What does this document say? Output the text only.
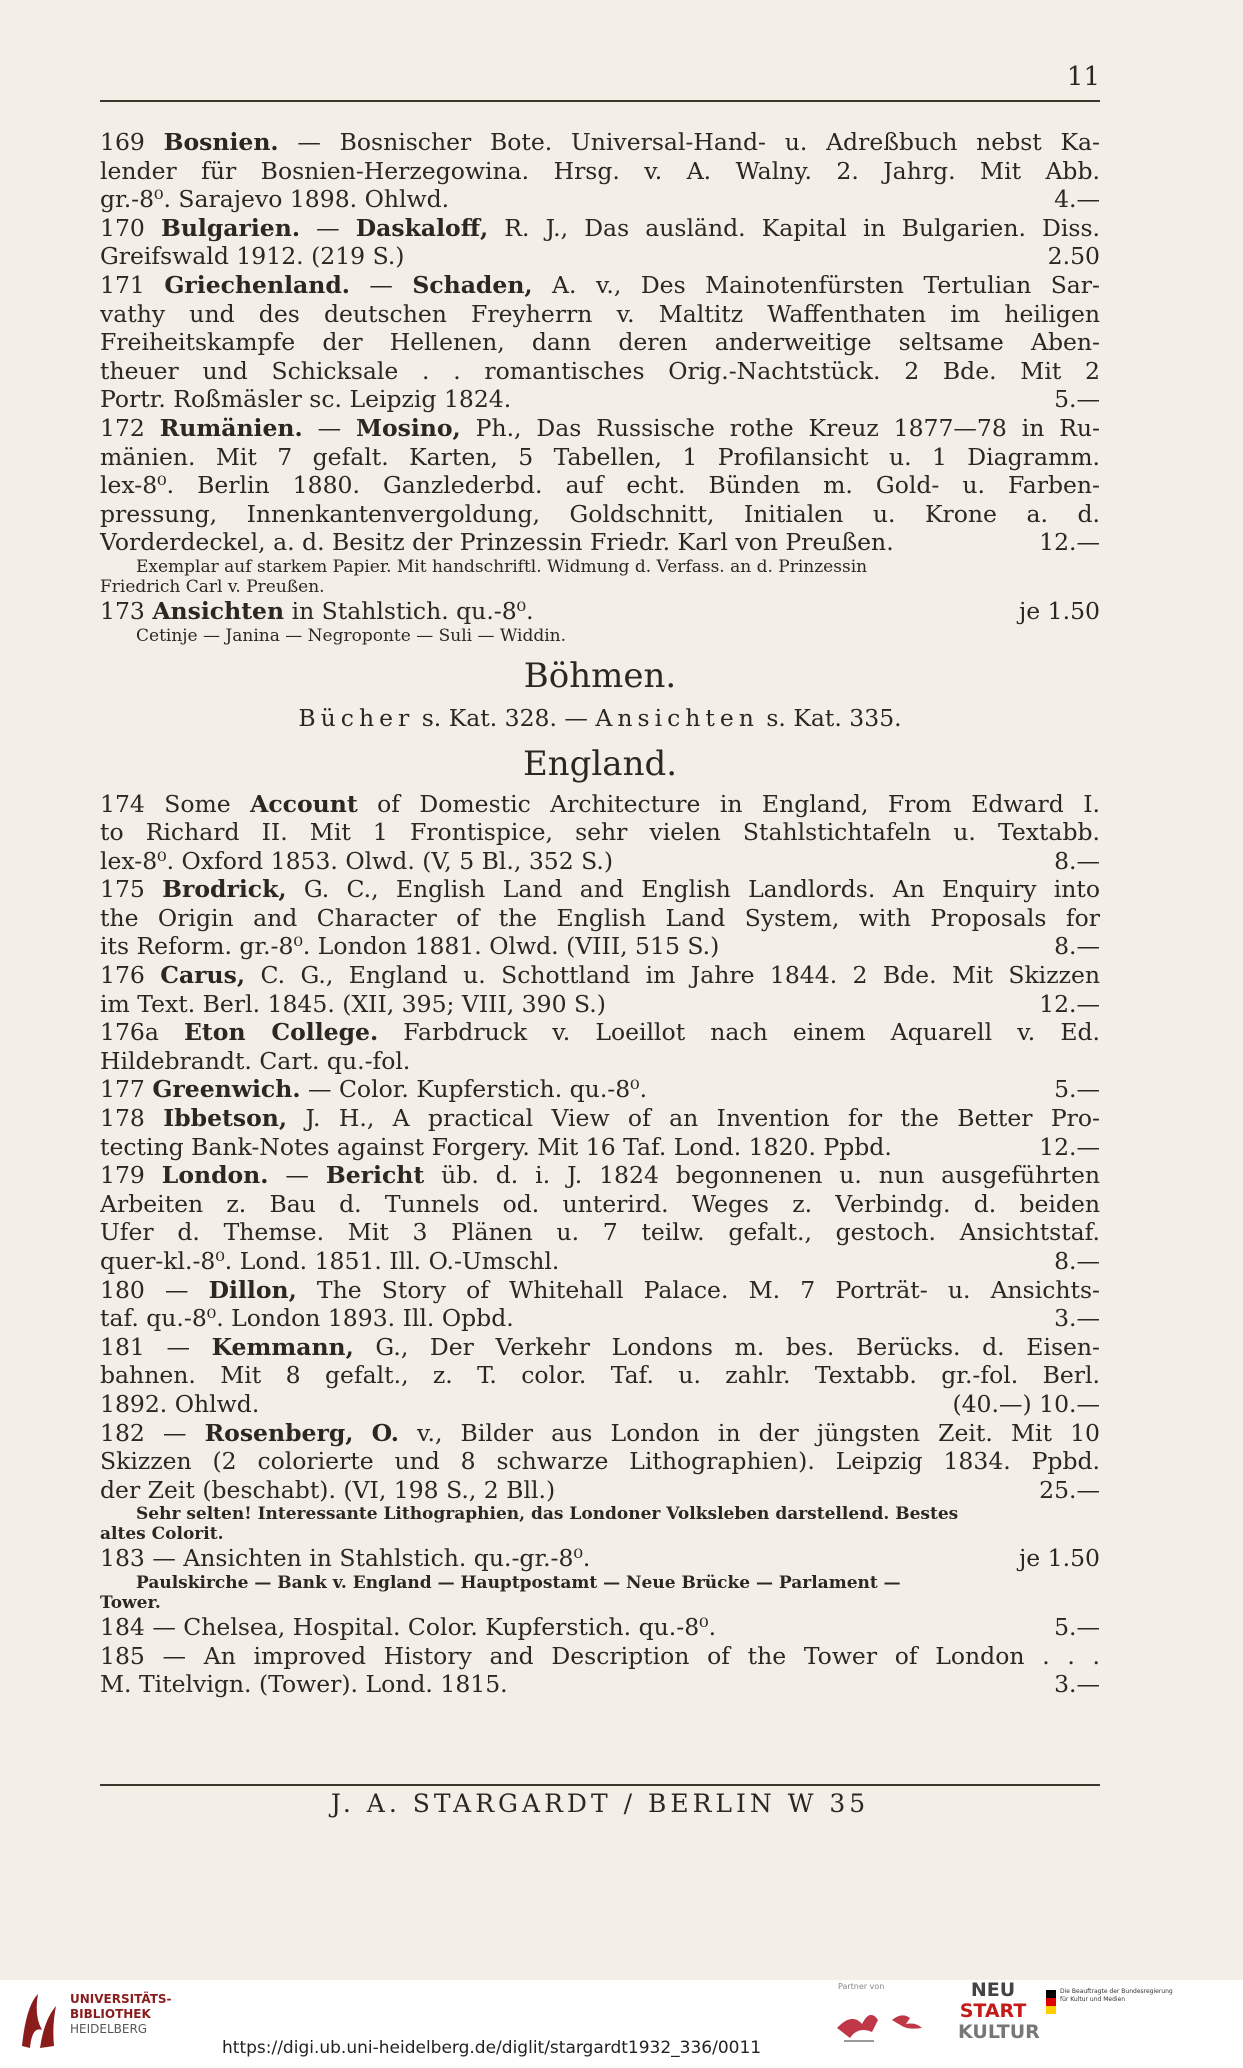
11
169 Bosnien. — Bosnischer Bote. Universal-Hand- u. Adreßbuch nebst Ka-
lender für Bosnien-Herzegowina. Hrsg. v. A. Walny. 2. Jahrg. Mit Abb.
gr.-8⁰. Sarajevo 1898. Ohlwd.	4.—
170 Bulgarien. — Daskaloff, R. J., Das ausländ. Kapital in Bulgarien. Diss.
Greifswald 1912. (219 S.)	2.50
171 Griechenland. — Schaden, A. v., Des Mainotenfürsten Tertulian Sar-
vathy und des deutschen Freyherrn v. Maltitz Waffenthaten im heiligen
Freiheitskampfe der Hellenen, dann deren anderweitige seltsame Aben-
theuer und Schicksale . . romantisches Orig.-Nachtstück. 2 Bde. Mit 2
Portr. Roßmäsler sc. Leipzig 1824.	5.—
172 Rumänien. — Mosino, Ph., Das Russische rothe Kreuz 1877—78 in Ru-
mänien. Mit 7 gefalt. Karten, 5 Tabellen, 1 Profilansicht u. 1 Diagramm.
lex-8⁰. Berlin 1880. Ganzlederbd. auf echt. Bünden m. Gold- u. Farben-
pressung, Innenkantenvergoldung, Goldschnitt, Initialen u. Krone a. d.
Vorderdeckel, a. d. Besitz der Prinzessin Friedr. Karl von Preußen.	12.—
Exemplar auf starkem Papier. Mit handschriftl. Widmung d. Verfass. an d. Prinzessin
Friedrich Carl v. Preußen.
173 Ansichten in Stahlstich. qu.-8⁰.	je 1.50
Cetinje — Janina — Negroponte — Suli — Widdin.
Böhmen.
Bücher s. Kat. 328. — Ansichten s. Kat. 335.
England.
174 Some Account of Domestic Architecture in England, From Edward I.
to Richard II. Mit 1 Frontispice, sehr vielen Stahlstichtafeln u. Textabb.
lex-8⁰. Oxford 1853. Olwd. (V, 5 Bl., 352 S.)	8.—
175 Brodrick, G. C., English Land and English Landlords. An Enquiry into
the Origin and Character of the English Land System, with Proposals for
its Reform. gr.-8⁰. London 1881. Olwd. (VIII, 515 S.)	8.—
176 Carus, C. G., England u. Schottland im Jahre 1844. 2 Bde. Mit Skizzen
im Text. Berl. 1845. (XII, 395; VIII, 390 S.)	12.—
176a Eton College. Farbdruck v. Loeillot nach einem Aquarell v. Ed.
Hildebrandt. Cart. qu.-fol.
177 Greenwich. — Color. Kupferstich. qu.-8⁰.	5.—
178 Ibbetson, J. H., A practical View of an Invention for the Better Pro-
tecting Bank-Notes against Forgery. Mit 16 Taf. Lond. 1820. Ppbd.	12.—
179 London. — Bericht üb. d. i. J. 1824 begonnenen u. nun ausgeführten
Arbeiten z. Bau d. Tunnels od. unterird. Weges z. Verbindg. d. beiden
Ufer d. Themse. Mit 3 Plänen u. 7 teilw. gefalt., gestoch. Ansichtstaf.
quer-kl.-8⁰. Lond. 1851. Ill. O.-Umschl.	8.—
180 — Dillon, The Story of Whitehall Palace. M. 7 Porträt- u. Ansichts-
taf. qu.-8⁰. London 1893. Ill. Opbd.	3.—
181 — Kemmann, G., Der Verkehr Londons m. bes. Berücks. d. Eisen-
bahnen. Mit 8 gefalt., z. T. color. Taf. u. zahlr. Textabb. gr.-fol. Berl.
1892. Ohlwd.	(40.—) 10.—
182 — Rosenberg, O. v., Bilder aus London in der jüngsten Zeit. Mit 10
Skizzen (2 colorierte und 8 schwarze Lithographien). Leipzig 1834. Ppbd.
der Zeit (beschabt). (VI, 198 S., 2 Bll.)	25.—
Sehr selten! Interessante Lithographien, das Londoner Volksleben darstellend. Bestes
altes Colorit.
183 — Ansichten in Stahlstich. qu.-gr.-8⁰.	je 1.50
Paulskirche — Bank v. England — Hauptpostamt — Neue Brücke — Parlament —
Tower.
184 — Chelsea, Hospital. Color. Kupferstich. qu.-8⁰.	5.—
185 — An improved History and Description of the Tower of London . . .
M. Titelvign. (Tower). Lond. 1815.	3.—
J. A. STARGARDT / BERLIN W 35
UNIVERSITÄTS-
BIBLIOTHEK
HEIDELBERG
Partner von
https://digi.ub.uni-heidelberg.de/diglit/stargardt1932_336/0011
NEU
START
KULTUR
Die Beauftragte der Bundesregierung
für Kultur und Medien
